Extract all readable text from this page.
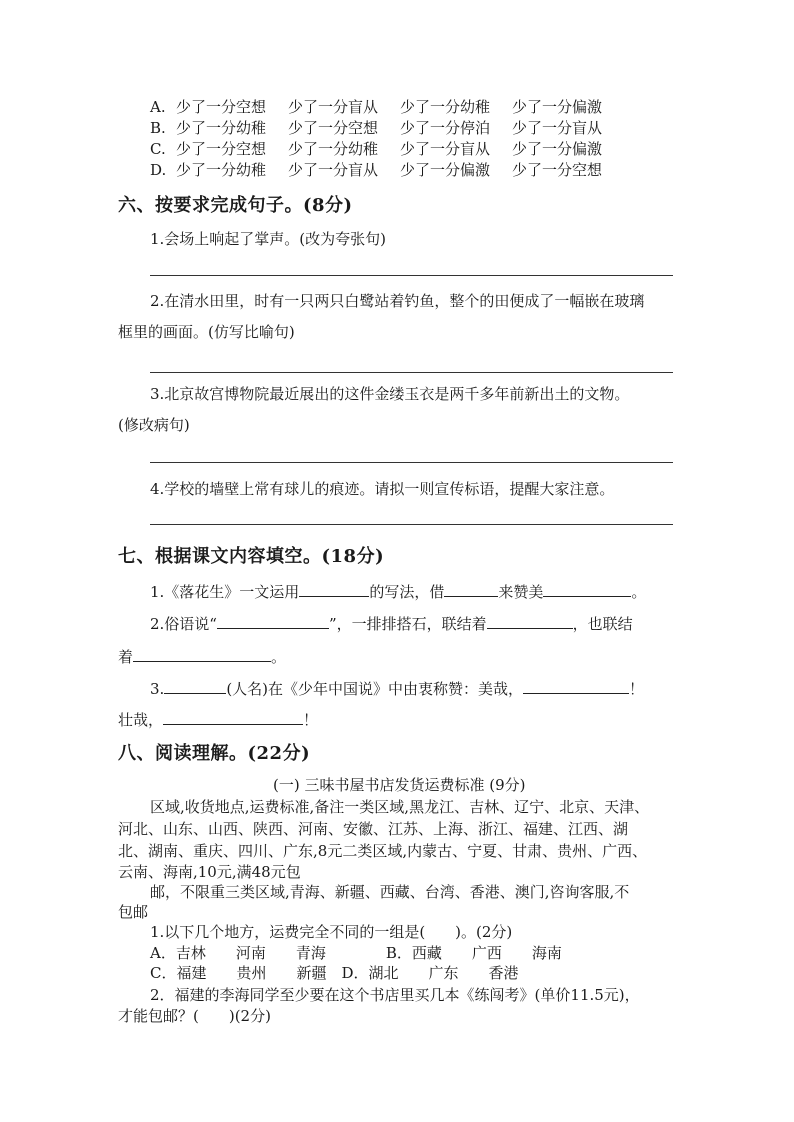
A. 少了一分空想 少了一分盲从 少了一分幼稚 少了一分偏激
B. 少了一分幼稚 少了一分空想 少了一分停泊 少了一分盲从
C. 少了一分空想 少了一分幼稚 少了一分盲从 少了一分偏激
D. 少了一分幼稚 少了一分盲从 少了一分偏激 少了一分空想
六、按要求完成句子。(8分)
1.会场上响起了掌声。(改为夸张句)
2.在清水田里，时有一只两只白鹭站着钓鱼，整个的田便成了一幅嵌在玻璃
框里的画面。(仿写比喻句)
3.北京故宫博物院最近展出的这件金缕玉衣是两千多年前新出土的文物。
(修改病句)
4.学校的墙壁上常有球儿的痕迹。请拟一则宣传标语，提醒大家注意。
七、根据课文内容填空。(18分)
1.《落花生》一文运用	的写法，借	来赞美	。
2.俗语说“	”，一排排搭石，联结着	，也联结
着	。
3.	(人名)在《少年中国说》中由衷称赞：美哉，	！
壮哉，	！
八、阅读理解。(22分)
(一) 三味书屋书店发货运费标准 (9分)
区域,收货地点,运费标准,备注一类区域,黑龙江、吉林、辽宁、北京、天津、
河北、山东、山西、陕西、河南、安徽、江苏、上海、浙江、福建、江西、湖
北、湖南、重庆、四川、广东,8元二类区域,内蒙古、宁夏、甘肃、贵州、广西、
云南、海南,10元,满48元包
邮，不限重三类区域,青海、新疆、西藏、台湾、香港、澳门,咨询客服,不
包邮
1.以下几个地方，运费完全不同的一组是(　　)。(2分)
A．吉林　　河南　　青海　　　　B．西藏　　广西　　海南
C．福建　　贵州　　新疆　D．湖北　　广东　　香港
2．福建的李海同学至少要在这个书店里买几本《练闯考》(单价11.5元)，
才能包邮？(　　)(2分)
